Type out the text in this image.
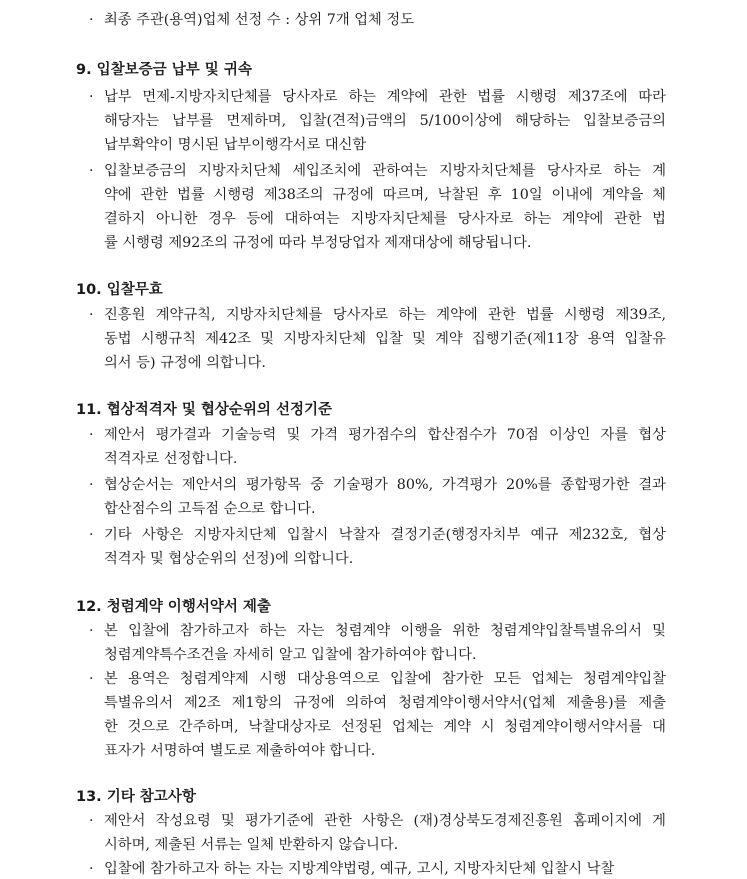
· 최종 주관(용역)업체 선정 수 : 상위 7개 업체 정도
9. 입찰보증금 납부 및 귀속
· 납부 면제-지방자치단체를 당사자로 하는 계약에 관한 법률 시행령 제37조에 따라
해당자는 납부를 면제하며, 입찰(견적)금액의 5/100이상에 해당하는 입찰보증금의
납부확약이 명시된 납부이행각서로 대신함
· 입찰보증금의 지방자치단체 세입조치에 관하여는 지방자치단체를 당사자로 하는 계
약에 관한 법률 시행령 제38조의 규정에 따르며, 낙찰된 후 10일 이내에 계약을 체
결하지 아니한 경우 등에 대하여는 지방자치단체를 당사자로 하는 계약에 관한 법
률 시행령 제92조의 규정에 따라 부정당업자 제재대상에 해당됩니다.
10. 입찰무효
· 진흥원 계약규칙, 지방자치단체를 당사자로 하는 계약에 관한 법률 시행령 제39조,
동법 시행규칙 제42조 및 지방자치단체 입찰 및 계약 집행기준(제11장 용역 입찰유
의서 등) 규정에 의합니다.
11. 협상적격자 및 협상순위의 선정기준
· 제안서 평가결과 기술능력 및 가격 평가점수의 합산점수가 70점 이상인 자를 협상
적격자로 선정합니다.
· 협상순서는 제안서의 평가항목 중 기술평가 80%, 가격평가 20%를 종합평가한 결과
합산점수의 고득점 순으로 합니다.
· 기타 사항은 지방자치단체 입찰시 낙찰자 결정기준(행정자치부 예규 제232호, 협상
적격자 및 협상순위의 선정)에 의합니다.
12. 청렴계약 이행서약서 제출
· 본 입찰에 참가하고자 하는 자는 청렴계약 이행을 위한 청렴계약입찰특별유의서 및
청렴계약특수조건을 자세히 알고 입찰에 참가하여야 합니다.
· 본 용역은 청렴계약제 시행 대상용역으로 입찰에 참가한 모든 업체는 청렴계약입찰
특별유의서 제2조 제1항의 규정에 의하여 청렴계약이행서약서(업체 제출용)를 제출
한 것으로 간주하며, 낙찰대상자로 선정된 업체는 계약 시 청렴계약이행서약서를 대
표자가 서명하여 별도로 제출하여야 합니다.
13. 기타 참고사항
· 제안서 작성요령 및 평가기준에 관한 사항은 (재)경상북도경제진흥원 홈페이지에 게
시하며, 제출된 서류는 일체 반환하지 않습니다.
· 입찰에 참가하고자 하는 자는 지방계약법령, 예규, 고시, 지방자치단체 입찰시 낙찰
